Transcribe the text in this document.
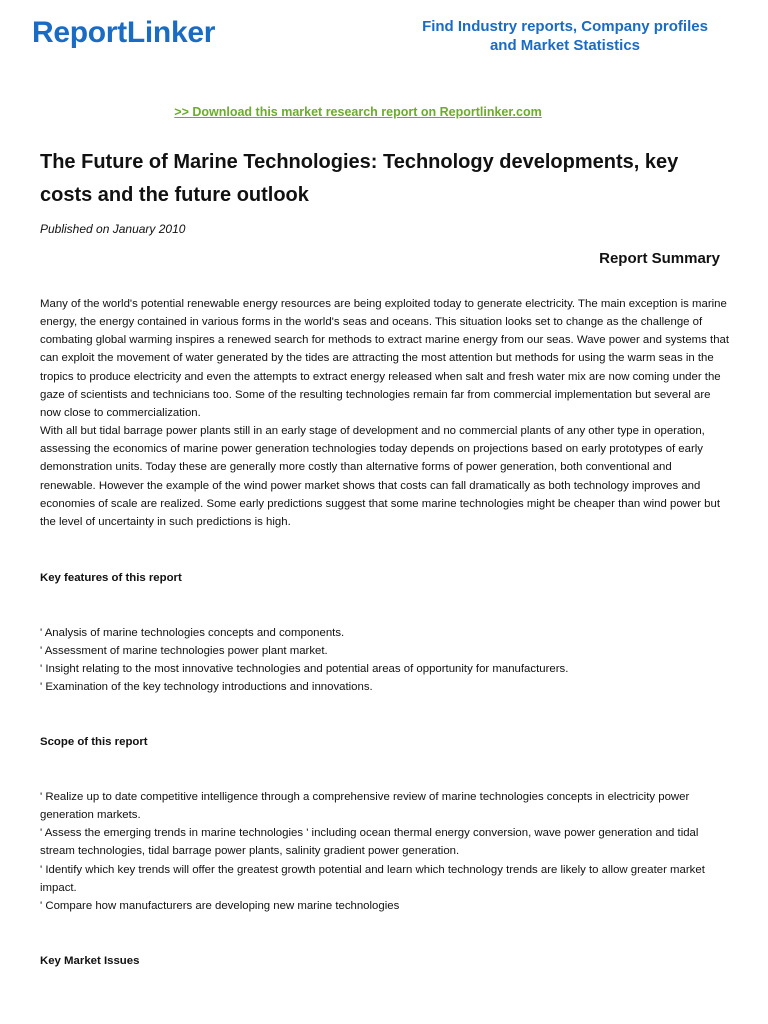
ReportLinker	Find Industry reports, Company profiles
and Market Statistics
>> Download this market research report on Reportlinker.com
The Future of Marine Technologies: Technology developments, key costs and the future outlook
Published on January 2010
Report Summary

Many of the world's potential renewable energy resources are being exploited today to generate electricity. The main exception is marine energy, the energy contained in various forms in the world's seas and oceans. This situation looks set to change as the challenge of combating global warming inspires a renewed search for methods to extract marine energy from our seas. Wave power and systems that can exploit the movement of water generated by the tides are attracting the most attention but methods for using the warm seas in the tropics to produce electricity and even the attempts to extract energy released when salt and fresh water mix are now coming under the gaze of scientists and technicians too. Some of the resulting technologies remain far from commercial implementation but several are now close to commercialization.

With all but tidal barrage power plants still in an early stage of development and no commercial plants of any other type in operation, assessing the economics of marine power generation technologies today depends on projections based on early prototypes of early demonstration units. Today these are generally more costly than alternative forms of power generation, both conventional and renewable. However the example of the wind power market shows that costs can fall dramatically as both technology improves and economies of scale are realized. Some early predictions suggest that some marine technologies might be cheaper than wind power but the level of uncertainty in such predictions is high.

Key features of this report
' Analysis of marine technologies concepts and components.
' Assessment of marine technologies power plant market.
' Insight relating to the most innovative technologies and potential areas of opportunity for manufacturers.
' Examination of the key technology introductions and innovations.
Scope of this report
' Realize up to date competitive intelligence through a comprehensive review of marine technologies concepts in electricity power generation markets.
' Assess the emerging trends in marine technologies ' including ocean thermal energy conversion, wave power generation and tidal stream technologies, tidal barrage power plants, salinity gradient power generation.
' Identify which key trends will offer the greatest growth potential and learn which technology trends are likely to allow greater market impact.
' Compare how manufacturers are developing new marine technologies
Key Market Issues
